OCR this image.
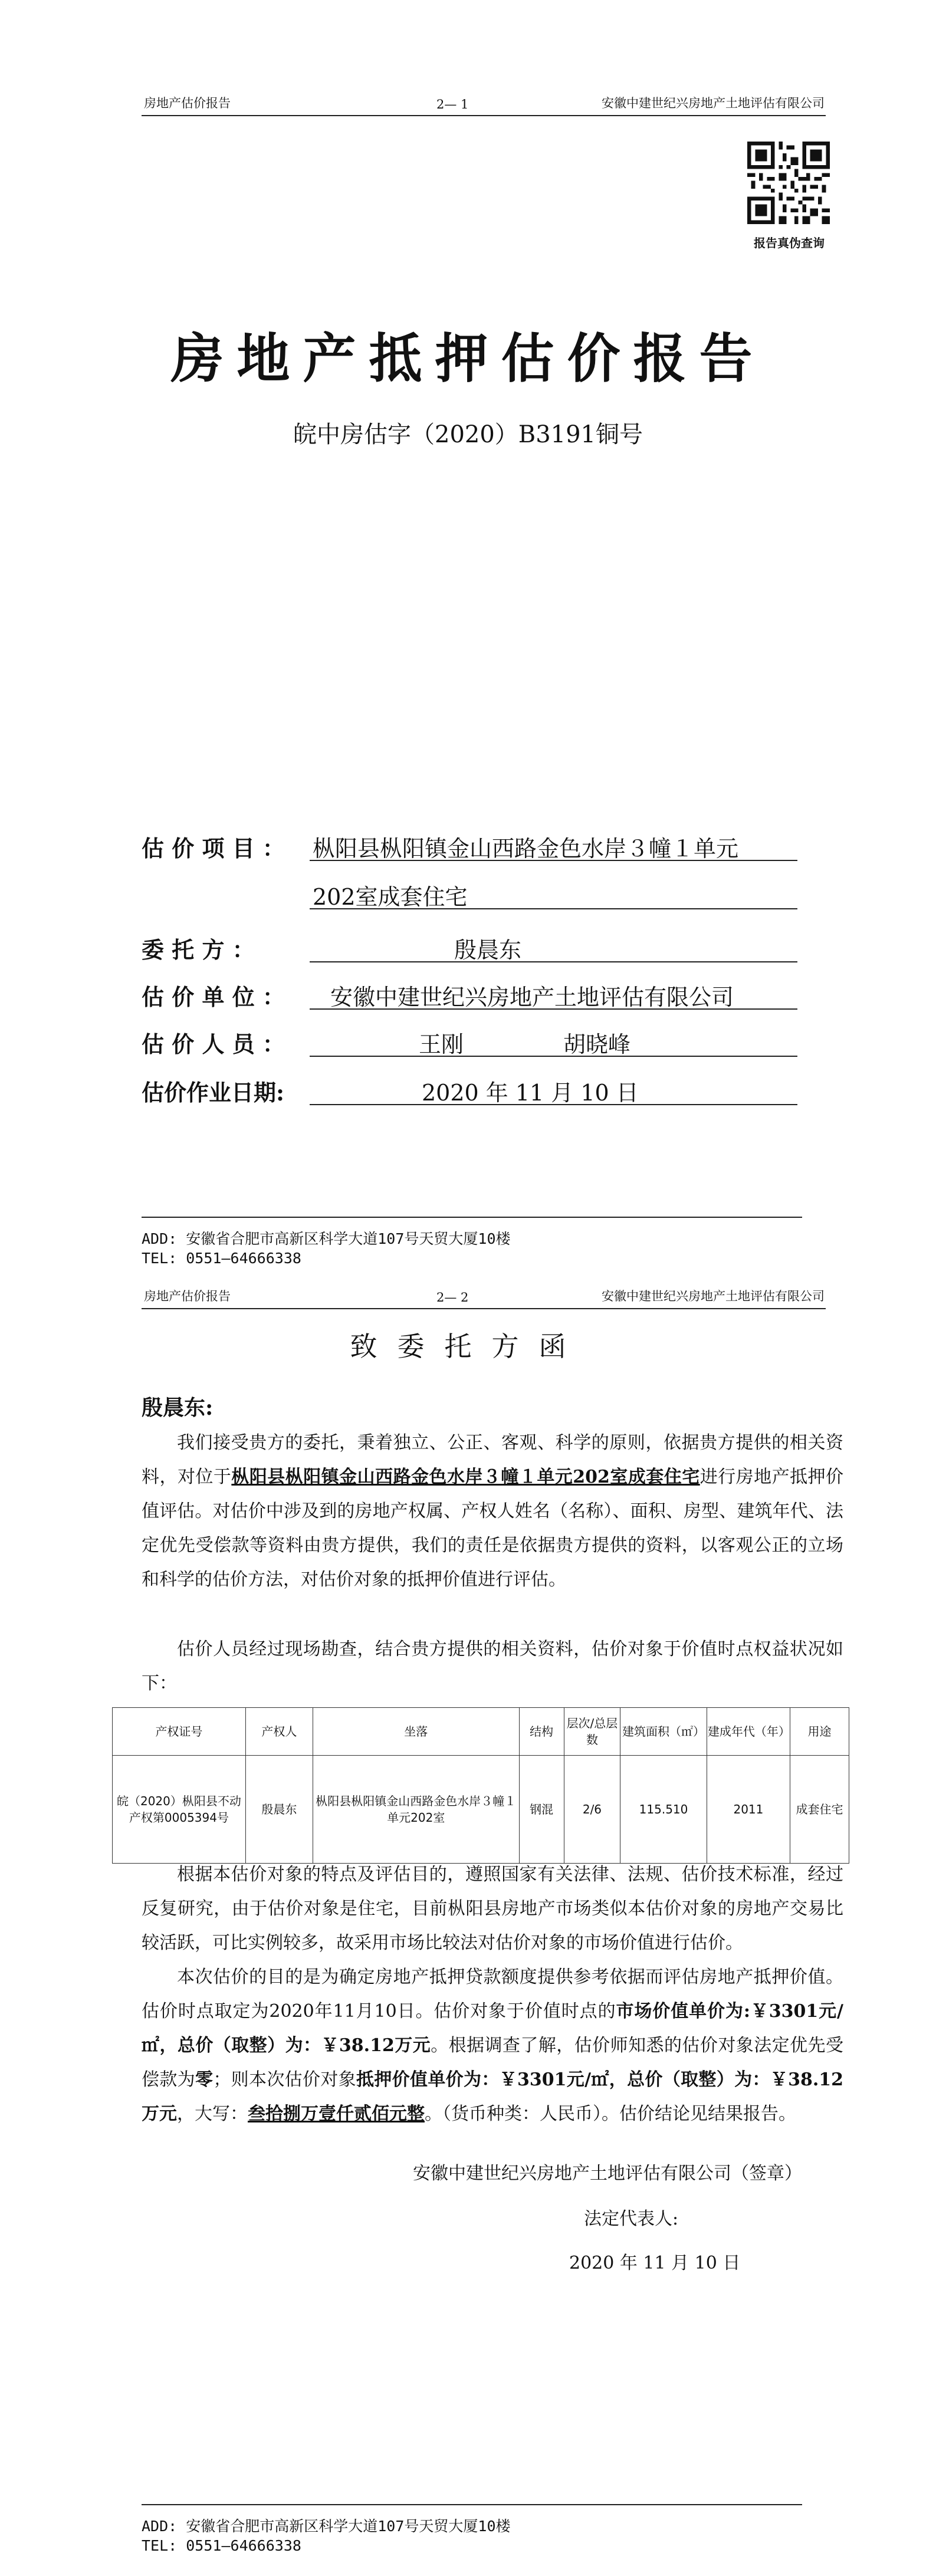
房地产估价报告	2— 1	安徽中建世纪兴房地产土地评估有限公司
报告真伪查询
房地产抵押估价报告
皖中房估字（2020）B3191铜号
估 价 项 目 ： 枞阳县枞阳镇金山西路金色水岸３幢１单元
202室成套住宅
委 托 方 ：	殷晨东
估 价 单 位 ： 安徽中建世纪兴房地产土地评估有限公司
估 价 人 员 ：	王刚	胡晓峰
估价作业日期:	2020 年 11 月 10 日
ADD: 安徽省合肥市高新区科学大道107号天贸大厦10楼
TEL: 0551—64666338
房地产估价报告	2— 2	安徽中建世纪兴房地产土地评估有限公司
致委托方函
殷晨东:
我们接受贵方的委托，秉着独立、公正、客观、科学的原则，依据贵方提供的相关资料，对位于枞阳县枞阳镇金山西路金色水岸３幢１单元202室成套住宅进行房地产抵押价值评估。对估价中涉及到的房地产权属、产权人姓名（名称）、面积、房型、建筑年代、法定优先受偿款等资料由贵方提供，我们的责任是依据贵方提供的资料，以客观公正的立场和科学的估价方法，对估价对象的抵押价值进行评估。
估价人员经过现场勘查，结合贵方提供的相关资料，估价对象于价值时点权益状况如下：
产权证号	产权人	坐落	结构	层次/总层数	建筑面积（㎡）	建成年代（年）	用途
皖（2020）枞阳县不动产权第0005394号	殷晨东	枞阳县枞阳镇金山西路金色水岸３幢１单元202室	钢混	2/6	115.510	2011	成套住宅
根据本估价对象的特点及评估目的，遵照国家有关法律、法规、估价技术标准，经过反复研究，由于估价对象是住宅，目前枞阳县房地产市场类似本估价对象的房地产交易比较活跃，可比实例较多，故采用市场比较法对估价对象的市场价值进行估价。
本次估价的目的是为确定房地产抵押贷款额度提供参考依据而评估房地产抵押价值。估价时点取定为2020年11月10日。估价对象于价值时点的市场价值单价为:￥3301元/㎡，总价（取整）为：￥38.12万元。根据调查了解，估价师知悉的估价对象法定优先受偿款为零；则本次估价对象抵押价值单价为：￥3301元/㎡，总价（取整）为：￥38.12万元，大写：叁拾捌万壹仟贰佰元整。（货币种类：人民币）。估价结论见结果报告。
安徽中建世纪兴房地产土地评估有限公司（签章）
法定代表人:
2020 年 11 月 10 日
ADD: 安徽省合肥市高新区科学大道107号天贸大厦10楼
TEL: 0551—64666338
